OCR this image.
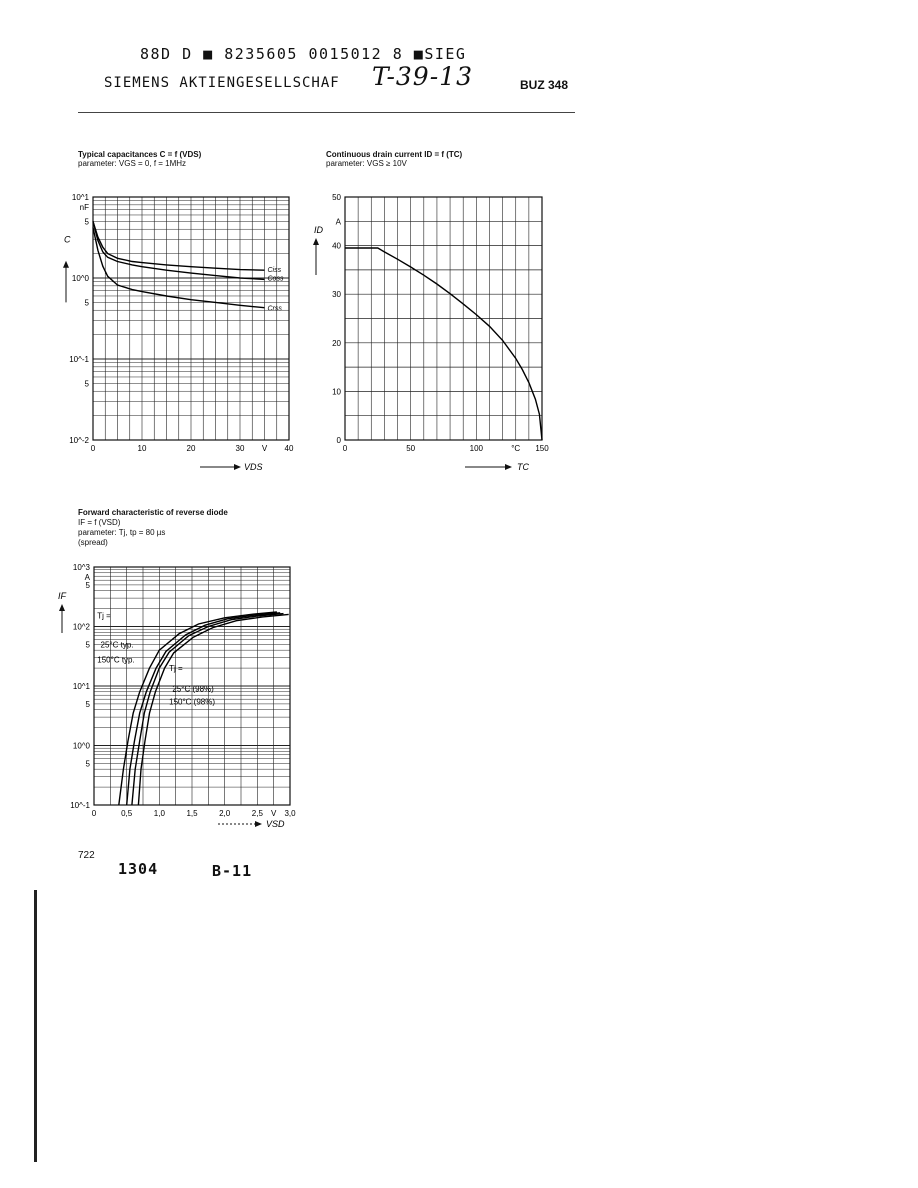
88D D ■ 8235605 0015012 8 ■SIEG
SIEMENS AKTIENGESELLSCHAF T-39-13	BUZ 348
Typical capacitances C = f (VDS)
parameter: VGS = 0, f = 1MHz
Continuous drain current ID = f (TC)
parameter: VGS ≥ 10V
Forward characteristic of reverse diode
IF = f (VSD)
parameter: Tj, tp = 80 µs
(spread)
0	10	20	30	40
10^1
5
10^0
5
10^-1
5
10^-2
V
nF
Ciss
Coss
Crss
C
VDS
0	50	100	°C 150
50
A
40
30
20
10
0
ID
TC
0	0,5	1,0	1,5	2,0	2,5 V 3,0
10^3
A
5
10^2
5
10^1
5
10^0
5
10^-1
Tj =
25°C typ.
150°C typ.
Tj =
25°C (98%)
150°C (98%)
IF
VSD
722
1304	B-11
